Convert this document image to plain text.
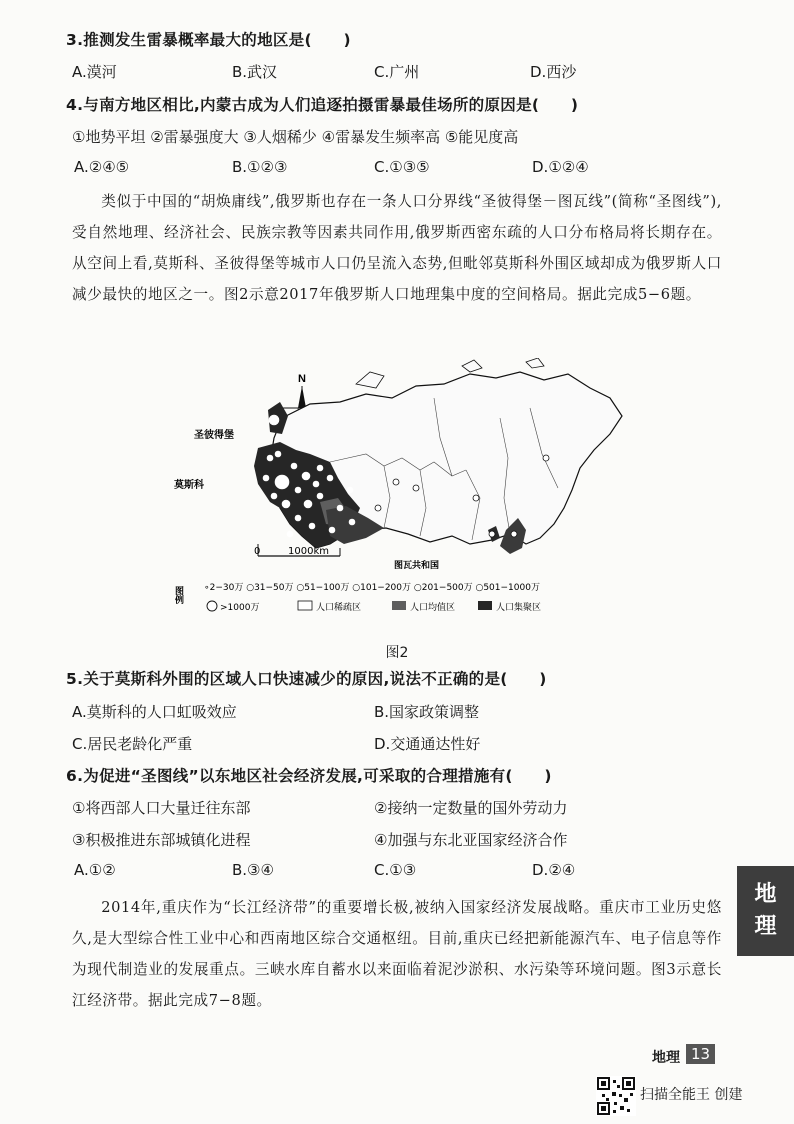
3.推测发生雷暴概率最大的地区是(　　)
A.漠河	B.武汉	C.广州	D.西沙
4.与南方地区相比,内蒙古成为人们追逐拍摄雷暴最佳场所的原因是(　　)
①地势平坦 ②雷暴强度大 ③人烟稀少 ④雷暴发生频率高 ⑤能见度高
A.②④⑤	B.①②③	C.①③⑤	D.①②④

类似于中国的“胡焕庸线”,俄罗斯也存在一条人口分界线“圣彼得堡－图瓦线”(简称“圣图线”),受自然地理、经济社会、民族宗教等因素共同作用,俄罗斯西密东疏的人口分布格局将长期存在。从空间上看,莫斯科、圣彼得堡等城市人口仍呈流入态势,但毗邻莫斯科外围区域却成为俄罗斯人口减少最快的地区之一。图2示意2017年俄罗斯人口地理集中度的空间格局。据此完成5−6题。

N
圣彼得堡
莫斯科
图瓦共和国
0	1000km
图例 ∘2−30万 ○31−50万 ○51−100万 ○101−200万 ○201−500万 ○501−1000万
>1000万	人口稀疏区	人口均值区	人口集聚区
图2
5.关于莫斯科外围的区域人口快速减少的原因,说法不正确的是(　　)
A.莫斯科的人口虹吸效应	B.国家政策调整
C.居民老龄化严重	D.交通通达性好
6.为促进“圣图线”以东地区社会经济发展,可采取的合理措施有(　　)
①将西部人口大量迁往东部	②接纳一定数量的国外劳动力
③积极推进东部城镇化进程	④加强与东北亚国家经济合作
A.①②	B.③④	C.①③	D.②④

2014年,重庆作为“长江经济带”的重要增长极,被纳入国家经济发展战略。重庆市工业历史悠久,是大型综合性工业中心和西南地区综合交通枢纽。目前,重庆已经把新能源汽车、电子信息等作为现代制造业的发展重点。三峡水库自蓄水以来面临着泥沙淤积、水污染等环境问题。图3示意长江经济带。据此完成7−8题。

地
理
地理 13
扫描全能王 创建
